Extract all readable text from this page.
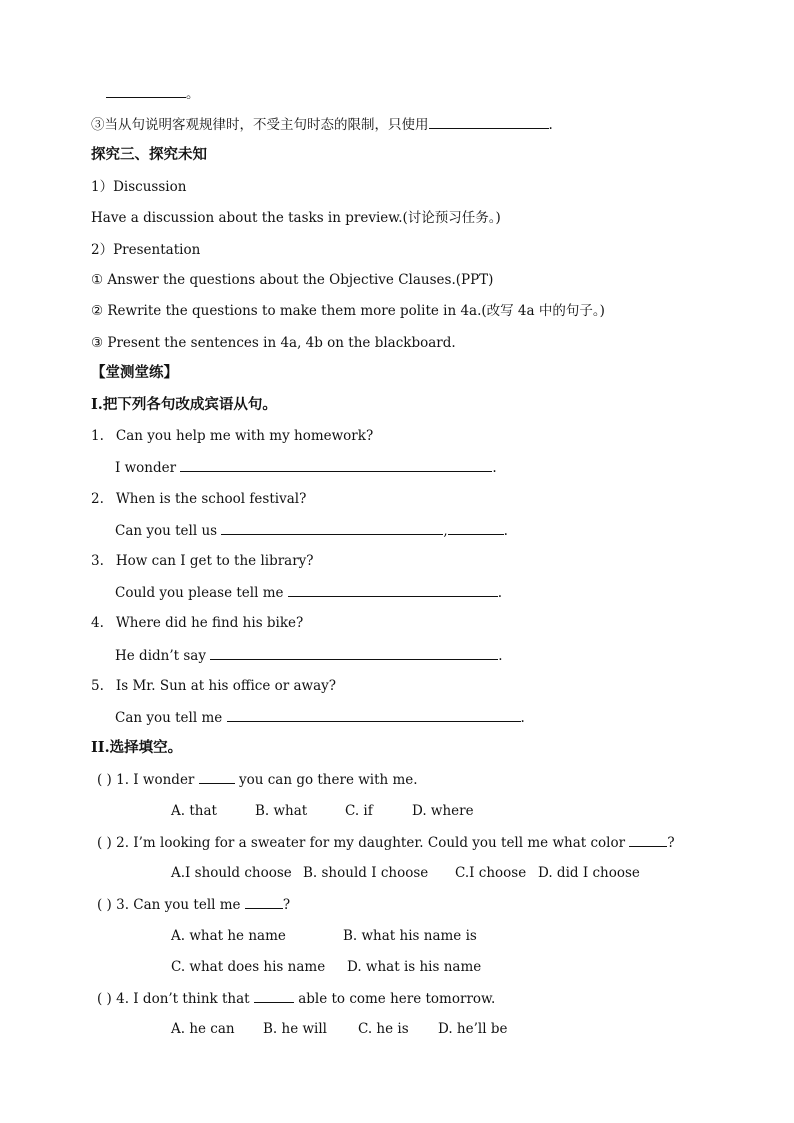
。
③当从句说明客观规律时，不受主句时态的限制，只使用	.
探究三、探究未知
1）Discussion
Have a discussion about the tasks in preview.(讨论预习任务。)
2）Presentation
① Answer the questions about the Objective Clauses.(PPT)
② Rewrite the questions to make them more polite in 4a.(改写 4a 中的句子。)
③ Present the sentences in 4a, 4b on the blackboard.
【堂测堂练】
I.把下列各句改成宾语从句。
1. Can you help me with my homework?
I wonder	.
2. When is the school festival?
Can you tell us	,	.
3. How can I get to the library?
Could you please tell me	.
4. Where did he find his bike?
He didn’t say	.
5. Is Mr. Sun at his office or away?
Can you tell me	.
II.选择填空。
( ) 1. I wonder	you can go there with me.
A. that	B. what	C. if	D. where
( ) 2. I’m looking for a sweater for my daughter. Could you tell me what color	?
A.I should choose B. should I choose C.I choose D. did I choose
( ) 3. Can you tell me	?
A. what he name	B. what his name is
C. what does his name D. what is his name
( ) 4. I don’t think that	able to come here tomorrow.
A. he can B. he will C. he is D. he’ll be
